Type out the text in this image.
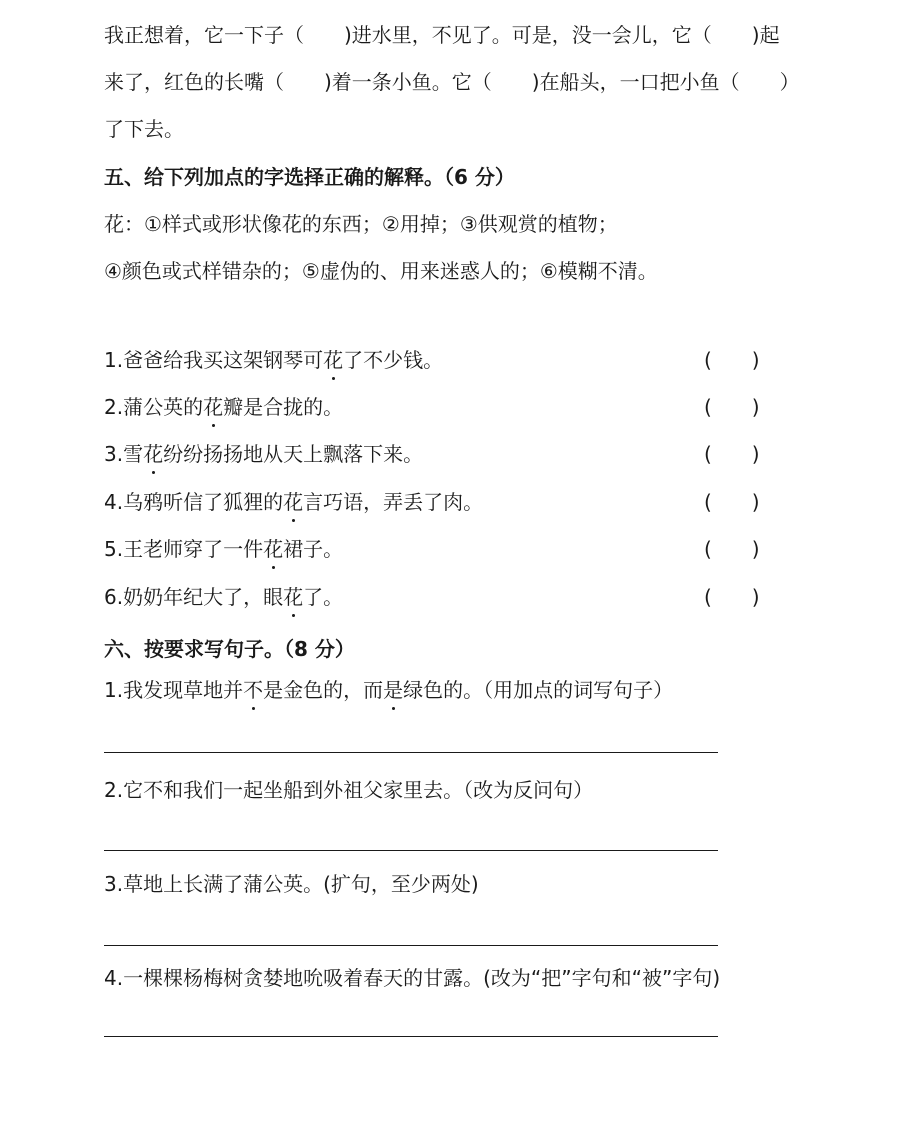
我正想着，它一下子（　　)进水里，不见了。可是，没一会儿，它（　　)起
来了，红色的长嘴（　　)着一条小鱼。它（　　)在船头，一口把小鱼（　　）
了下去。
五、给下列加点的字选择正确的解释。（6 分）
花：①样式或形状像花的东西；②用掉；③供观赏的植物；
④颜色或式样错杂的；⑤虚伪的、用来迷惑人的；⑥模糊不清。
1.爸爸给我买这架钢琴可花了不少钱。	(　　)
2.蒲公英的花瓣是合拢的。	(　　)
3.雪花纷纷扬扬地从天上飘落下来。	(　　)
4.乌鸦听信了狐狸的花言巧语，弄丢了肉。	(　　)
5.王老师穿了一件花裙子。	(　　)
6.奶奶年纪大了，眼花了。	(　　)
六、按要求写句子。（8 分）
1.我发现草地并不是金色的，而是绿色的。（用加点的词写句子）
2.它不和我们一起坐船到外祖父家里去。（改为反问句）
3.草地上长满了蒲公英。(扩句，至少两处)
4.一棵棵杨梅树贪婪地吮吸着春天的甘露。(改为“把”字句和“被”字句)
